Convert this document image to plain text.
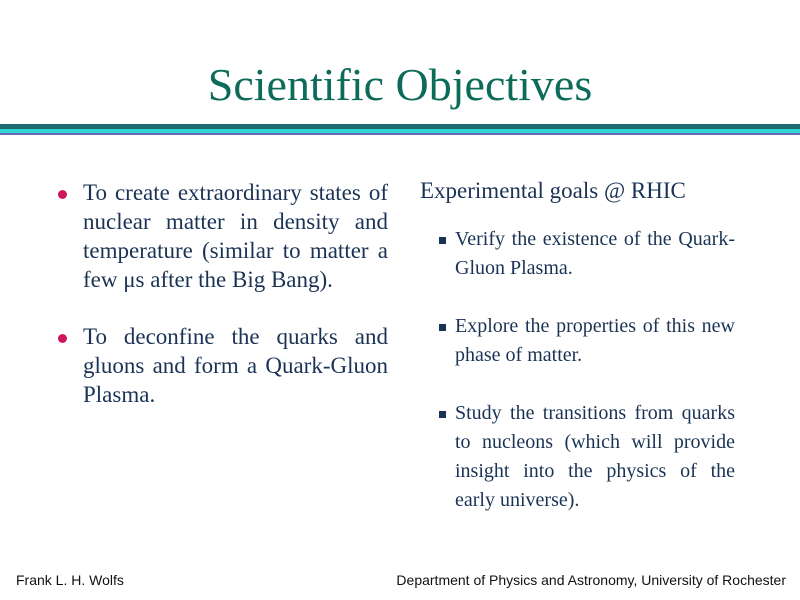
Scientific Objectives
To create extraordinary states of nuclear matter in density and temperature (similar to matter a few μs after the Big Bang).
To deconfine the quarks and gluons and form a Quark-Gluon Plasma.
Experimental goals @ RHIC
Verify the existence of the Quark-Gluon Plasma.
Explore the properties of this new phase of matter.
Study the transitions from quarks to nucleons (which will provide insight into the physics of the early universe).
Frank L. H. Wolfs	Department of Physics and Astronomy, University of Rochester
